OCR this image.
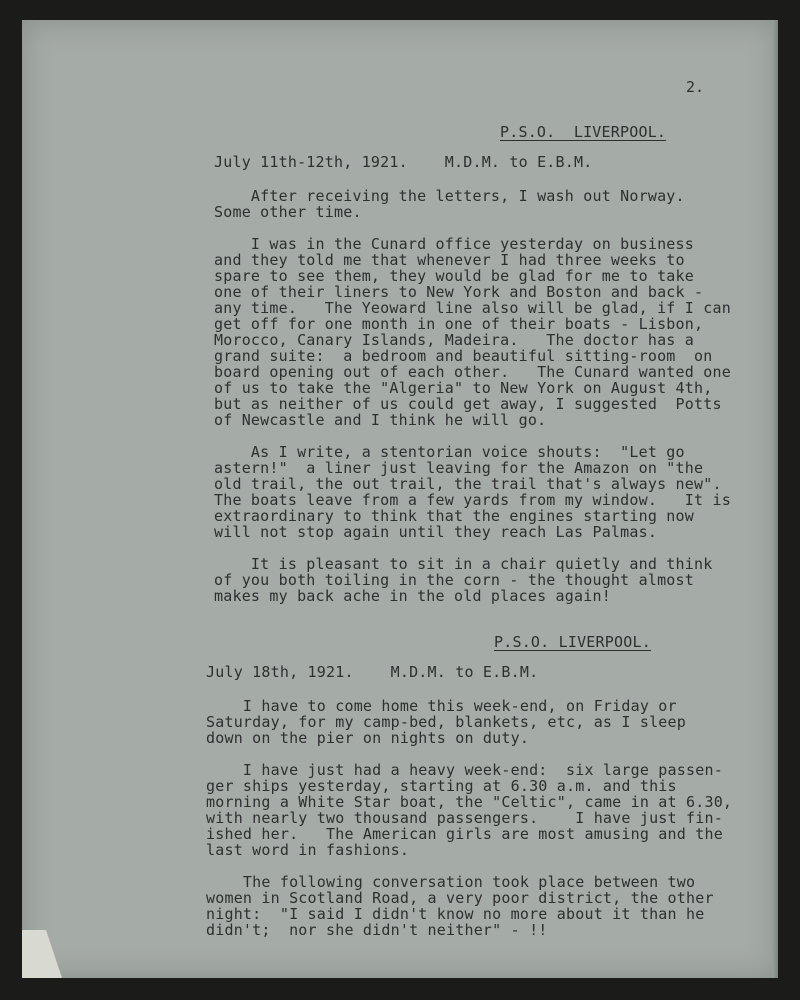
2.
P.S.O.  LIVERPOOL.
July 11th-12th, 1921.    M.D.M. to E.B.M.
After receiving the letters, I wash out Norway.
Some other time.
I was in the Cunard office yesterday on business
and they told me that whenever I had three weeks to
spare to see them, they would be glad for me to take
one of their liners to New York and Boston and back -
any time.   The Yeoward line also will be glad, if I can
get off for one month in one of their boats - Lisbon,
Morocco, Canary Islands, Madeira.   The doctor has a
grand suite:  a bedroom and beautiful sitting-room  on
board opening out of each other.   The Cunard wanted one
of us to take the "Algeria" to New York on August 4th,
but as neither of us could get away, I suggested  Potts
of Newcastle and I think he will go.
As I write, a stentorian voice shouts:  "Let go
astern!"  a liner just leaving for the Amazon on "the
old trail, the out trail, the trail that's always new".
The boats leave from a few yards from my window.   It is
extraordinary to think that the engines starting now
will not stop again until they reach Las Palmas.
It is pleasant to sit in a chair quietly and think
of you both toiling in the corn - the thought almost
makes my back ache in the old places again!
P.S.O. LIVERPOOL.
July 18th, 1921.    M.D.M. to E.B.M.
I have to come home this week-end, on Friday or
Saturday, for my camp-bed, blankets, etc, as I sleep
down on the pier on nights on duty.
I have just had a heavy week-end:  six large passen-
ger ships yesterday, starting at 6.30 a.m. and this
morning a White Star boat, the "Celtic", came in at 6.30,
with nearly two thousand passengers.    I have just fin-
ished her.   The American girls are most amusing and the
last word in fashions.
The following conversation took place between two
women in Scotland Road, a very poor district, the other
night:  "I said I didn't know no more about it than he
didn't;  nor she didn't neither" - !!
